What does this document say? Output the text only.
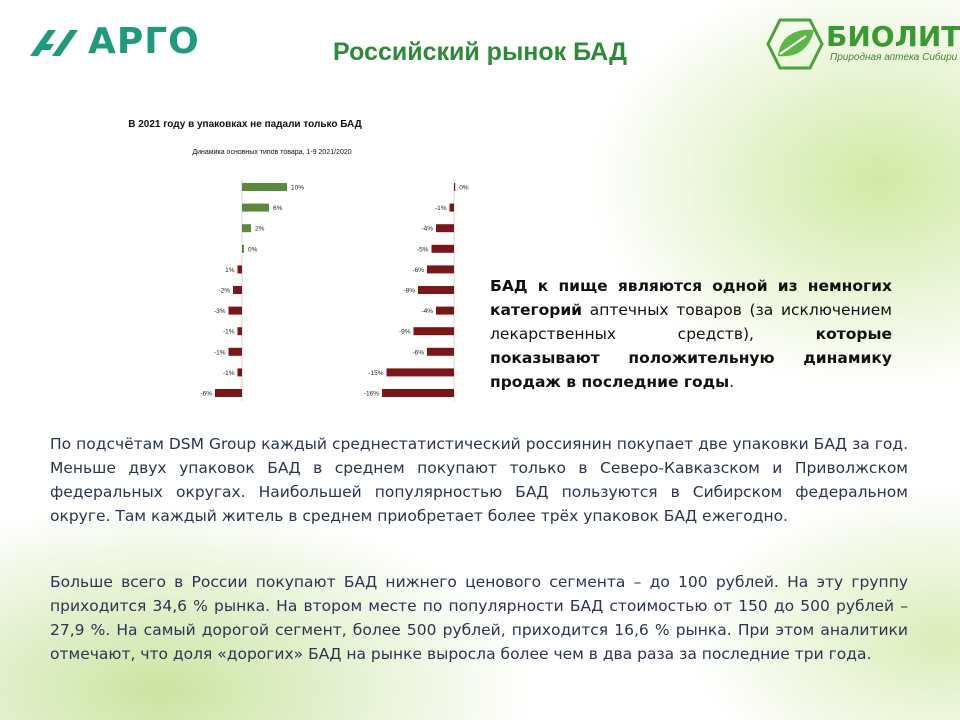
АРГО	Российский рынок БАД	БИОЛИТ
Природная аптека Сибири
В 2021 году в упаковках не падали только БАД
Динамика основных типов товара, 1-9 2021/2020
10%	0%
6%	-1%
2%	-4%
0%	-5%
1%	-6%
-2%	-8%
-3%	-4%
-1%	-9%
-1%	-6%
-1%	-15%
-6%	-16%
БАД к пище являются одной из немногих категорий аптечных товаров (за исключением лекарственных средств), которые показывают положительную динамику продаж в последние годы.

По подсчётам DSM Group каждый среднестатистический россиянин покупает две упаковки БАД за год. Меньше двух упаковок БАД в среднем покупают только в Северо-Кавказском и Приволжском федеральных округах. Наибольшей популярностью БАД пользуются в Сибирском федеральном округе. Там каждый житель в среднем приобретает более трёх упаковок БАД ежегодно.

Больше всего в России покупают БАД нижнего ценового сегмента – до 100 рублей. На эту группу приходится 34,6 % рынка. На втором месте по популярности БАД стоимостью от 150 до 500 рублей – 27,9 %. На самый дорогой сегмент, более 500 рублей, приходится 16,6 % рынка. При этом аналитики отмечают, что доля «дорогих» БАД на рынке выросла более чем в два раза за последние три года.
